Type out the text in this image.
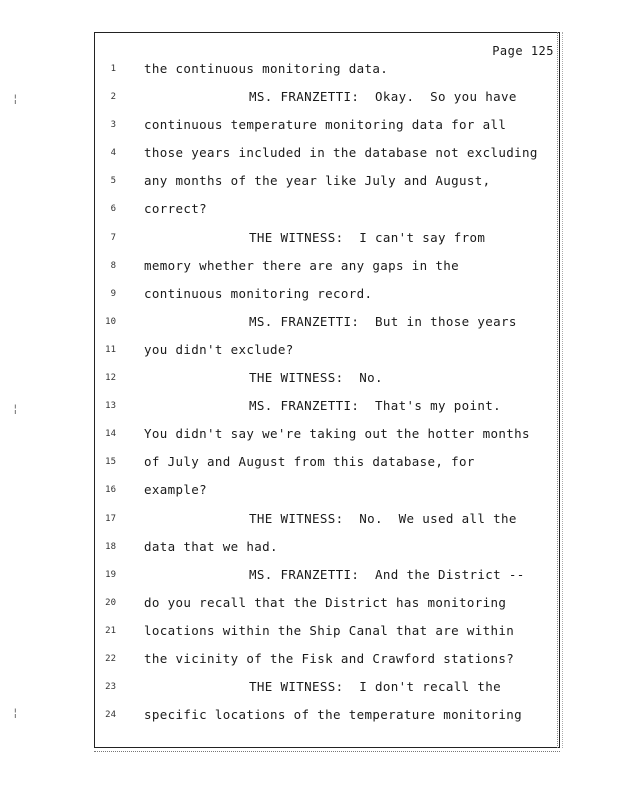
¦
¦
¦
Page 125
1 the continuous monitoring data.
2	MS. FRANZETTI:  Okay.  So you have
3 continuous temperature monitoring data for all
4 those years included in the database not excluding
5 any months of the year like July and August,
6 correct?
7	THE WITNESS:  I can't say from
8 memory whether there are any gaps in the
9 continuous monitoring record.
10	MS. FRANZETTI:  But in those years
11 you didn't exclude?
12	THE WITNESS:  No.
13	MS. FRANZETTI:  That's my point.
14 You didn't say we're taking out the hotter months
15 of July and August from this database, for
16 example?
17	THE WITNESS:  No.  We used all the
18 data that we had.
19	MS. FRANZETTI:  And the District --
20 do you recall that the District has monitoring
21 locations within the Ship Canal that are within
22 the vicinity of the Fisk and Crawford stations?
23	THE WITNESS:  I don't recall the
24 specific locations of the temperature monitoring
